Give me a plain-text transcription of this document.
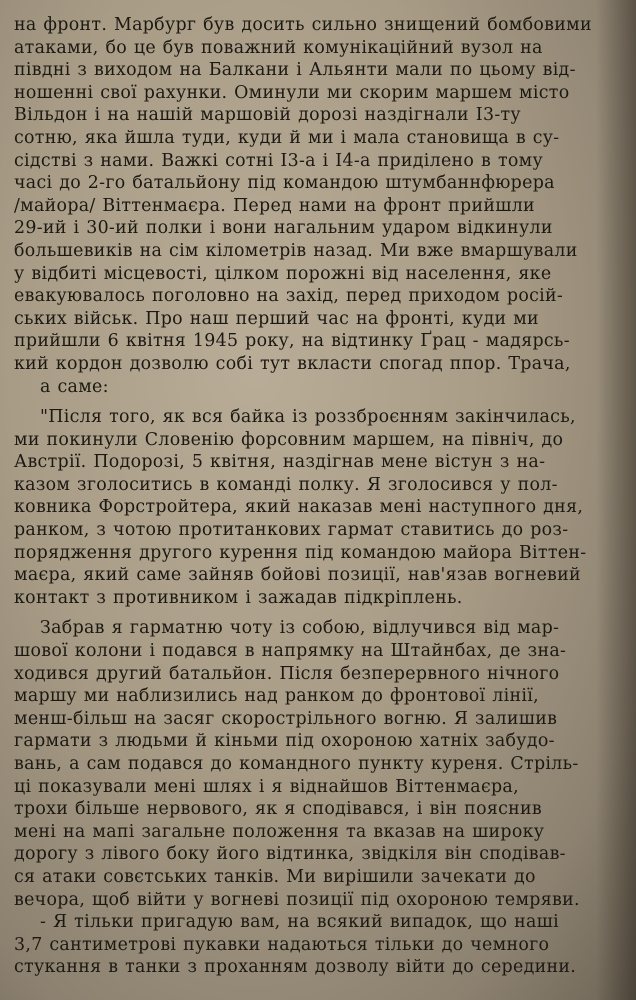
на фронт. Марбург був досить сильно знищений бомбовими
атаками, бо це був поважний комунікаційний вузол на
півдні з виходом на Балкани і Альянти мали по цьому від-
ношенні свої рахунки. Оминули ми скорим маршем місто
Вільдон і на нашій маршовій дорозі наздігнали І3-ту
сотню, яка йшла туди, куди й ми і мала становища в су-
сідстві з нами. Важкі сотні І3-а і І4-а приділено в тому
часі до 2-го батальйону під командою штумбаннфюрера
/майора/ Віттенмаєра. Перед нами на фронт прийшли
29-ий і 30-ий полки і вони нагальним ударом відкинули
большевиків на сім кілометрів назад. Ми вже вмаршували
у відбиті місцевості, цілком порожні від населення, яке
евакуювалось поголовно на захід, перед приходом росій-
ських військ. Про наш перший час на фронті, куди ми
прийшли 6 квітня 1945 року, на відтинку Ґрац - мадярсь-
кий кордон дозволю собі тут вкласти спогад ппор. Трача,
а саме:
"Після того, як вся байка із роззброєнням закінчилась,
ми покинули Словенію форсовним маршем, на північ, до
Австрії. Подорозі, 5 квітня, наздігнав мене вістун з на-
казом зголоситись в команді полку. Я зголосився у пол-
ковника Форстройтера, який наказав мені наступного дня,
ранком, з чотою протитанкових гармат ставитись до роз-
порядження другого курення під командою майора Віттен-
маєра, який саме зайняв бойові позиції, нав'язав вогневий
контакт з противником і зажадав підкріплень.
Забрав я гарматню чоту із собою, відлучився від мар-
шової колони і подався в напрямку на Штайнбах, де зна-
ходився другий батальйон. Після безперервного нічного
маршу ми наблизились над ранком до фронтової лінії,
менш-більш на засяг скорострільного вогню. Я залишив
гармати з людьми й кіньми під охороною хатніх забудо-
вань, а сам подався до командного пункту куреня. Стріль-
ці показували мені шлях і я віднайшов Віттенмаєра,
трохи більше нервового, як я сподівався, і він пояснив
мені на мапі загальне положення та вказав на широку
дорогу з лівого боку його відтинка, звідкіля він сподівав-
ся атаки совєтських танків. Ми вирішили зачекати до
вечора, щоб війти у вогневі позиції під охороною темряви.
- Я тільки пригадую вам, на всякий випадок, що наші
3,7 сантиметрові пукавки надаються тільки до чемного
стукання в танки з проханням дозволу війти до середини.
